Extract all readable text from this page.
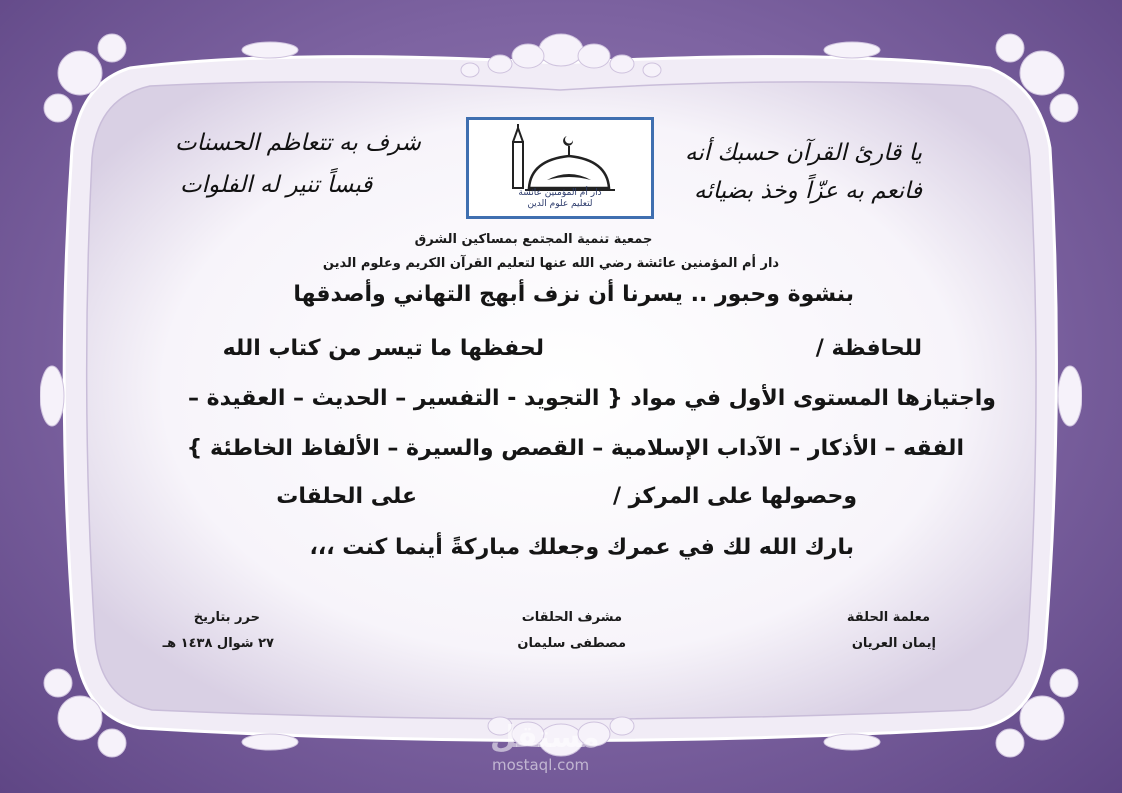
دار أم المؤمنين عائشة
لتعليم علوم الدين
يا قارئ القرآن حسبك أنه
فانعم به عزّاً وخذ بضيائه
شرف به تتعاظم الحسنات
قبساً تنير له الفلوات
جمعية تنمية المجتمع بمساكين الشرق
دار أم المؤمنين عائشة رضي الله عنها لتعليم القرآن الكريم وعلوم الدين
بنشوة وحبور .. يسرنا أن نزف أبهج التهاني وأصدقها
للحافظة /
لحفظها ما تيسر من كتاب الله
واجتيازها المستوى الأول في مواد { التجويد - التفسير – الحديث – العقيدة –
الفقه – الأذكار – الآداب الإسلامية – القصص والسيرة – الألفاظ الخاطئة }
وحصولها على المركز /
على الحلقات
بارك الله لك في عمرك وجعلك مباركةً أينما كنت ،،،
معلمة الحلقة
إيمان العريان
مشرف الحلقات
مصطفى سليمان
حرر بتاريخ
٢٧ شوال ١٤٣٨ هـ
مستقل
mostaql.com
